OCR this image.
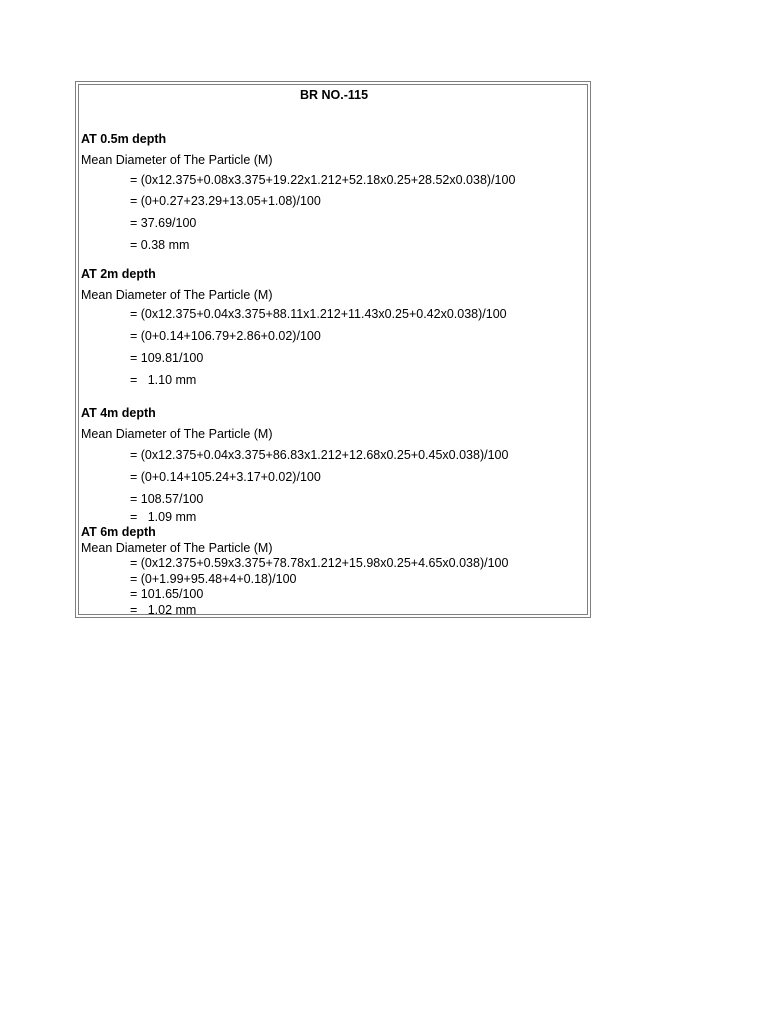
BR NO.-115
AT 0.5m depth
Mean Diameter of The Particle (M)
= (0x12.375+0.08x3.375+19.22x1.212+52.18x0.25+28.52x0.038)/100
= (0+0.27+23.29+13.05+1.08)/100
= 37.69/100
= 0.38 mm
AT 2m depth
Mean Diameter of The Particle (M)
= (0x12.375+0.04x3.375+88.11x1.212+11.43x0.25+0.42x0.038)/100
= (0+0.14+106.79+2.86+0.02)/100
= 109.81/100
=   1.10 mm
AT 4m depth
Mean Diameter of The Particle (M)
= (0x12.375+0.04x3.375+86.83x1.212+12.68x0.25+0.45x0.038)/100
= (0+0.14+105.24+3.17+0.02)/100
= 108.57/100
=   1.09 mm
AT 6m depth
Mean Diameter of The Particle (M)
= (0x12.375+0.59x3.375+78.78x1.212+15.98x0.25+4.65x0.038)/100
= (0+1.99+95.48+4+0.18)/100
= 101.65/100
=   1.02 mm
